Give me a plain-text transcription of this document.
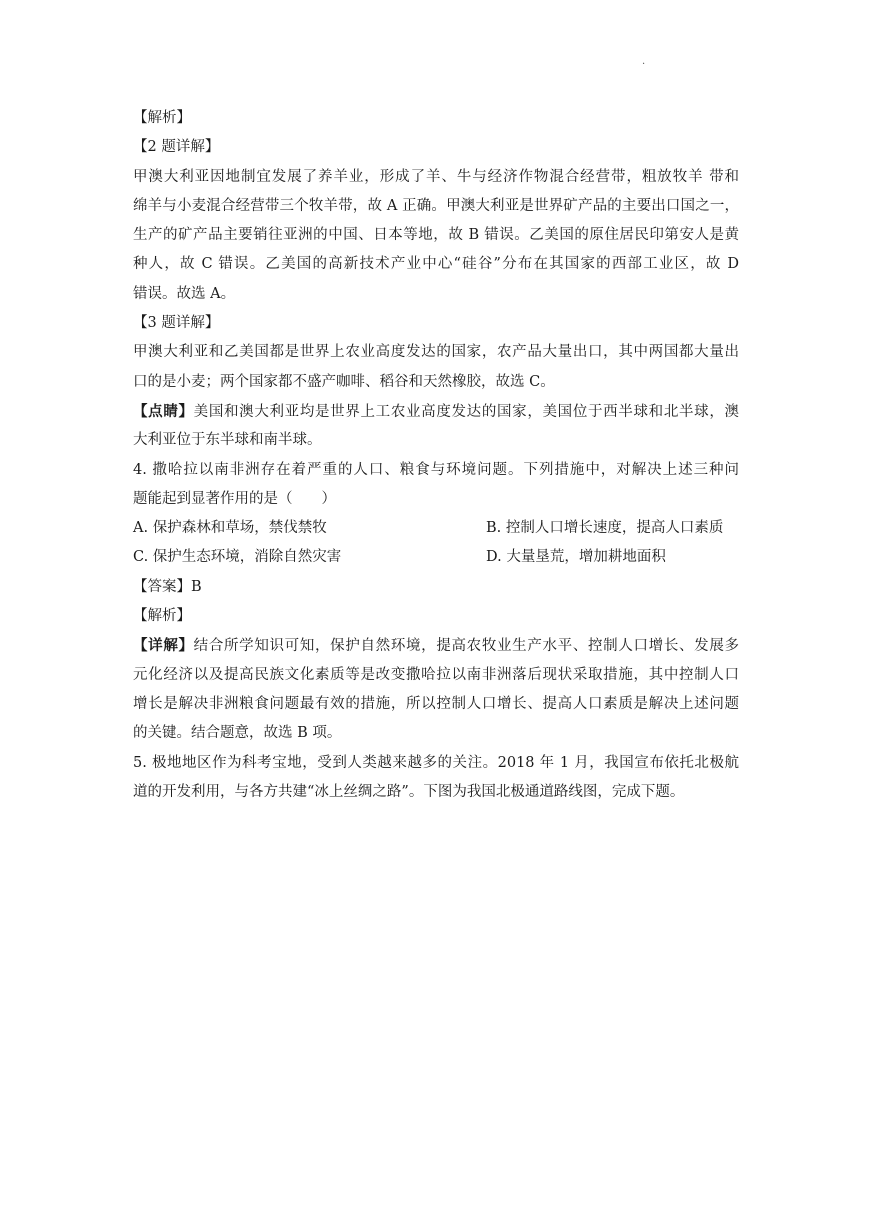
.
【解析】
【2 题详解】
甲澳大利亚因地制宜发展了养羊业，形成了羊、牛与经济作物混合经营带，粗放牧羊 带和
绵羊与小麦混合经营带三个牧羊带，故 A 正确。甲澳大利亚是世界矿产品的主要出口国之一，
生产的矿产品主要销往亚洲的中国、日本等地，故 B 错误。乙美国的原住居民印第安人是黄
种人，故 C 错误。乙美国的高新技术产业中心“硅谷”分布在其国家的西部工业区，故 D
错误。故选 A。
【3 题详解】
甲澳大利亚和乙美国都是世界上农业高度发达的国家，农产品大量出口，其中两国都大量出
口的是小麦；两个国家都不盛产咖啡、稻谷和天然橡胶，故选 C。
【点睛】美国和澳大利亚均是世界上工农业高度发达的国家，美国位于西半球和北半球，澳
大利亚位于东半球和南半球。
4. 撒哈拉以南非洲存在着严重的人口、粮食与环境问题。下列措施中，对解决上述三种问
题能起到显著作用的是（　　）
A. 保护森林和草场，禁伐禁牧	B. 控制人口增长速度，提高人口素质
C. 保护生态环境，消除自然灾害	D. 大量垦荒，增加耕地面积
【答案】B
【解析】
【详解】结合所学知识可知，保护自然环境，提高农牧业生产水平、控制人口增长、发展多
元化经济以及提高民族文化素质等是改变撒哈拉以南非洲落后现状采取措施，其中控制人口
增长是解决非洲粮食问题最有效的措施，所以控制人口增长、提高人口素质是解决上述问题
的关键。结合题意，故选 B 项。
5. 极地地区作为科考宝地，受到人类越来越多的关注。2018 年 1 月，我国宣布依托北极航
道的开发利用，与各方共建“冰上丝绸之路”。下图为我国北极通道路线图，完成下题。
